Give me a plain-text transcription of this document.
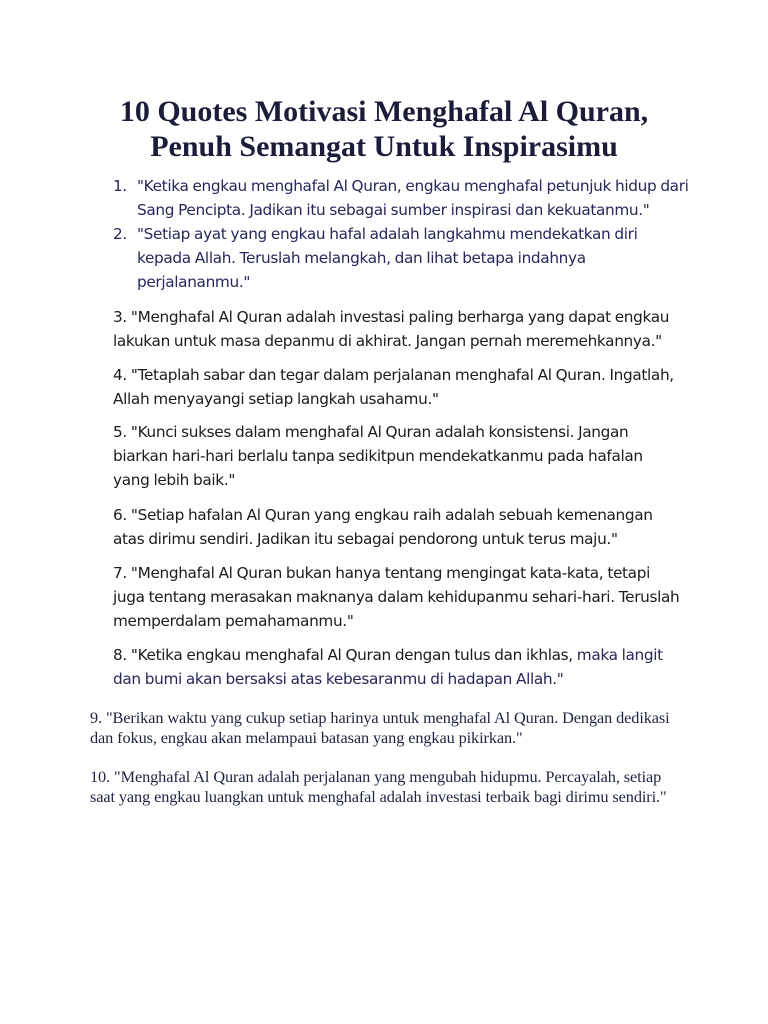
10 Quotes Motivasi Menghafal Al Quran,
Penuh Semangat Untuk Inspirasimu
1. "Ketika engkau menghafal Al Quran, engkau menghafal petunjuk hidup dari Sang Pencipta. Jadikan itu sebagai sumber inspirasi dan kekuatanmu."
2. "Setiap ayat yang engkau hafal adalah langkahmu mendekatkan diri kepada Allah. Teruslah melangkah, dan lihat betapa indahnya perjalananmu."

3. "Menghafal Al Quran adalah investasi paling berharga yang dapat engkau lakukan untuk masa depanmu di akhirat. Jangan pernah meremehkannya."

4. "Tetaplah sabar dan tegar dalam perjalanan menghafal Al Quran. Ingatlah, Allah menyayangi setiap langkah usahamu."

5. "Kunci sukses dalam menghafal Al Quran adalah konsistensi. Jangan biarkan hari-hari berlalu tanpa sedikitpun mendekatkanmu pada hafalan yang lebih baik."

6. "Setiap hafalan Al Quran yang engkau raih adalah sebuah kemenangan atas dirimu sendiri. Jadikan itu sebagai pendorong untuk terus maju."

7. "Menghafal Al Quran bukan hanya tentang mengingat kata-kata, tetapi juga tentang merasakan maknanya dalam kehidupanmu sehari-hari. Teruslah memperdalam pemahamanmu."

8. "Ketika engkau menghafal Al Quran dengan tulus dan ikhlas, maka langit dan bumi akan bersaksi atas kebesaranmu di hadapan Allah."

9. "Berikan waktu yang cukup setiap harinya untuk menghafal Al Quran. Dengan dedikasi dan fokus, engkau akan melampaui batasan yang engkau pikirkan."

10. "Menghafal Al Quran adalah perjalanan yang mengubah hidupmu. Percayalah, setiap saat yang engkau luangkan untuk menghafal adalah investasi terbaik bagi dirimu sendiri."
